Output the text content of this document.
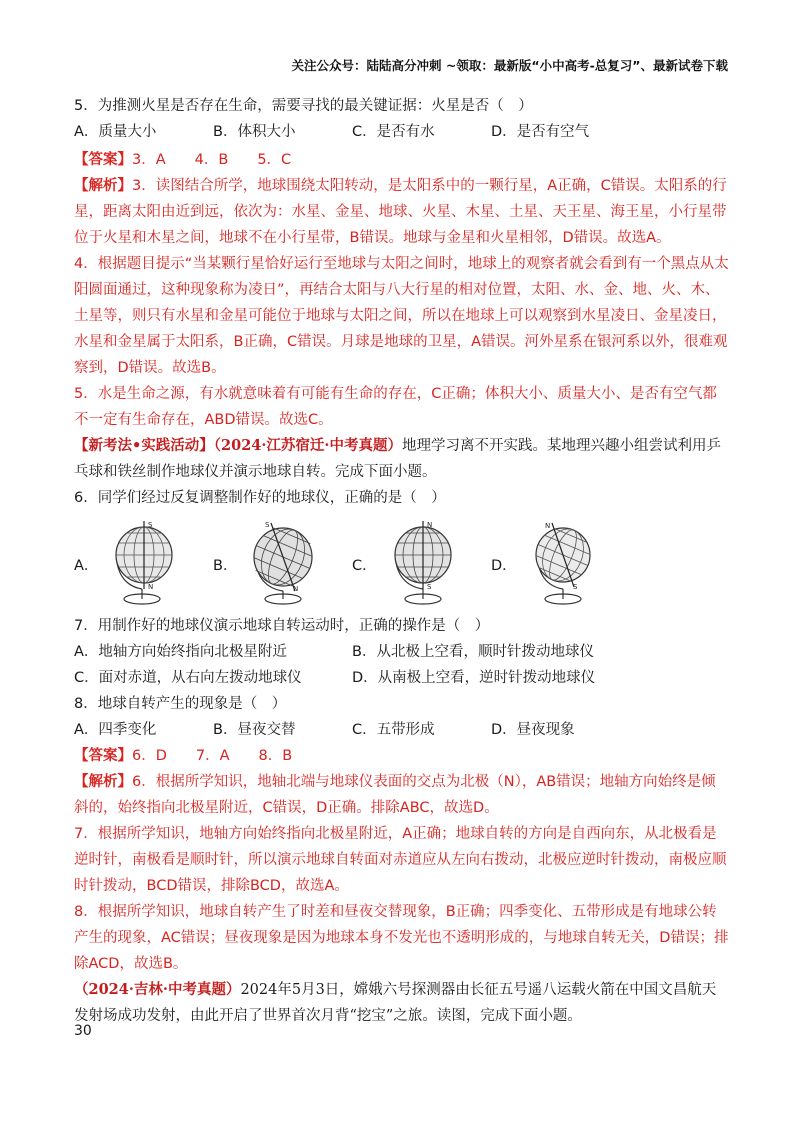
关注公众号：陆陆高分冲刺 ~领取：最新版“小中高考-总复习”、最新试卷下载

5．为推测火星是否存在生命，需要寻找的最关键证据：火星是否（　）

A．质量大小	B．体积大小	C．是否有水	D．是否有空气

【答案】3．A　　4．B　　5．C

【解析】3．读图结合所学，地球围绕太阳转动，是太阳系中的一颗行星，A正确，C错误。太阳系的行星，距离太阳由近到远，依次为：水星、金星、地球、火星、木星、土星、天王星、海王星，小行星带位于火星和木星之间，地球不在小行星带，B错误。地球与金星和火星相邻，D错误。故选A。

4．根据题目提示“当某颗行星恰好运行至地球与太阳之间时，地球上的观察者就会看到有一个黑点从太阳圆面通过，这种现象称为凌日”，再结合太阳与八大行星的相对位置，太阳、水、金、地、火、木、土星等，则只有水星和金星可能位于地球与太阳之间，所以在地球上可以观察到水星凌日、金星凌日，水星和金星属于太阳系，B正确，C错误。月球是地球的卫星，A错误。河外星系在银河系以外，很难观察到，D错误。故选B。

5．水是生命之源，有水就意味着有可能有生命的存在，C正确；体积大小、质量大小、是否有空气都不一定有生命存在，ABD错误。故选C。

【新考法•实践活动】（2024·江苏宿迁·中考真题）地理学习离不开实践。某地理兴趣小组尝试利用乒乓球和铁丝制作地球仪并演示地球自转。完成下面小题。

6．同学们经过反复调整制作好的地球仪，正确的是（　）

A．
S
N
B．
S
N
C．
N
S
D．
N
S

7．用制作好的地球仪演示地球自转运动时，正确的操作是（　）

A．地轴方向始终指向北极星附近	B．从北极上空看，顺时针拨动地球仪
C．面对赤道，从右向左拨动地球仪	D．从南极上空看，逆时针拨动地球仪

8．地球自转产生的现象是（　）

A．四季变化	B．昼夜交替	C．五带形成	D．昼夜现象

【答案】6．D　　7．A　　8．B

【解析】6．根据所学知识，地轴北端与地球仪表面的交点为北极（N），AB错误；地轴方向始终是倾斜的，始终指向北极星附近，C错误，D正确。排除ABC，故选D。

7．根据所学知识，地轴方向始终指向北极星附近，A正确；地球自转的方向是自西向东，从北极看是逆时针，南极看是顺时针，所以演示地球自转面对赤道应从左向右拨动，北极应逆时针拨动，南极应顺时针拨动，BCD错误，排除BCD，故选A。

8．根据所学知识，地球自转产生了时差和昼夜交替现象，B正确；四季变化、五带形成是有地球公转产生的现象，AC错误；昼夜现象是因为地球本身不发光也不透明形成的，与地球自转无关，D错误；排除ACD，故选B。

（2024·吉林·中考真题）2024年5月3日，嫦娥六号探测器由长征五号遥八运载火箭在中国文昌航天发射场成功发射，由此开启了世界首次月背“挖宝”之旅。读图，完成下面小题。

30
